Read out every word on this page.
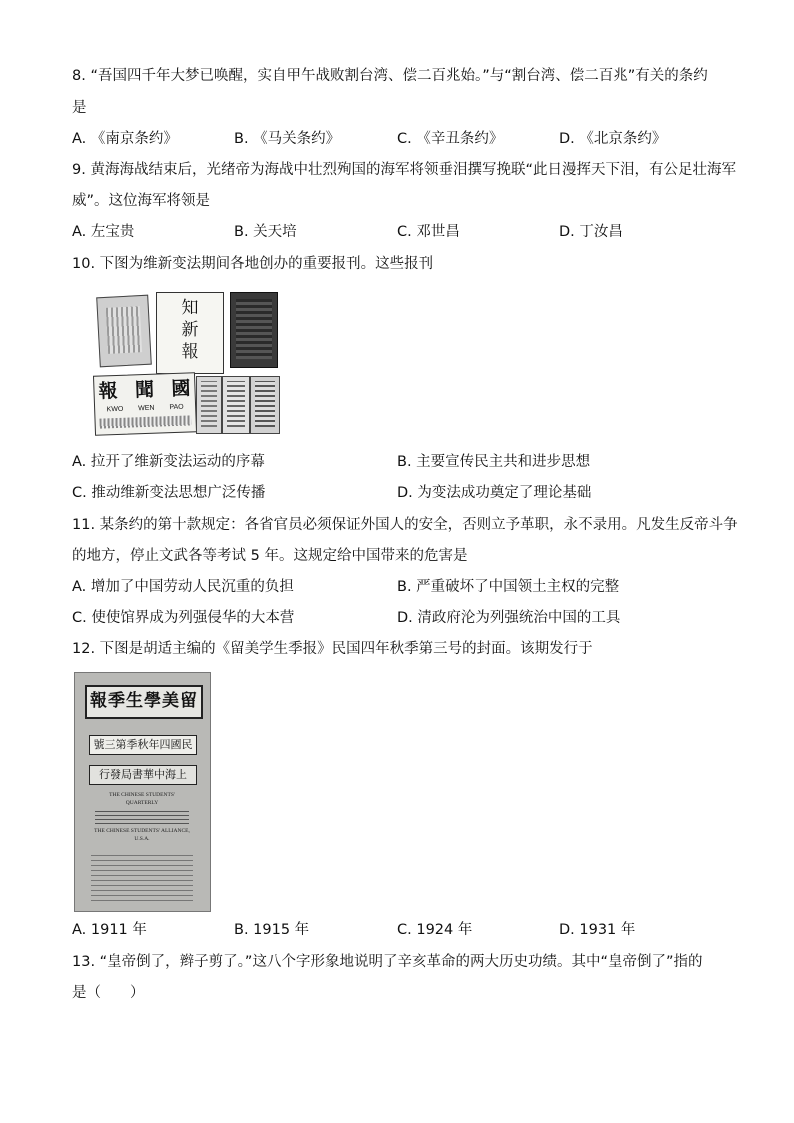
8. “吾国四千年大梦已唤醒，实自甲午战败割台湾、偿二百兆始。”与“割台湾、偿二百兆”有关的条约
是
A. 《南京条约》	B. 《马关条约》	C. 《辛丑条约》	D. 《北京条约》
9. 黄海海战结束后，光绪帝为海战中壮烈殉国的海军将领垂泪撰写挽联“此日漫挥天下泪，有公足壮海军
威”。这位海军将领是
A. 左宝贵	B. 关天培	C. 邓世昌	D. 丁汝昌
10. 下图为维新变法期间各地创办的重要报刊。这些报刊
知
新
報
報 聞 國
KWO WEN PAO
A. 拉开了维新变法运动的序幕	B. 主要宣传民主共和进步思想
C. 推动维新变法思想广泛传播	D. 为变法成功奠定了理论基础
11. 某条约的第十款规定：各省官员必须保证外国人的安全，否则立予革职，永不录用。凡发生反帝斗争
的地方，停止文武各等考试 5 年。这规定给中国带来的危害是
A. 增加了中国劳动人民沉重的负担	B. 严重破坏了中国领土主权的完整
C. 使使馆界成为列强侵华的大本营	D. 清政府沦为列强统治中国的工具
12. 下图是胡适主编的《留美学生季报》民国四年秋季第三号的封面。该期发行于
報季生學美留
號三第季秋年四國民
行發局書華中海上
THE CHINESE STUDENTS'
QUARTERLY
THE CHINESE STUDENTS' ALLIANCE,
U.S.A.
A. 1911 年	B. 1915 年	C. 1924 年	D. 1931 年
13. “皇帝倒了，辫子剪了。”这八个字形象地说明了辛亥革命的两大历史功绩。其中“皇帝倒了”指的
是（　　）
